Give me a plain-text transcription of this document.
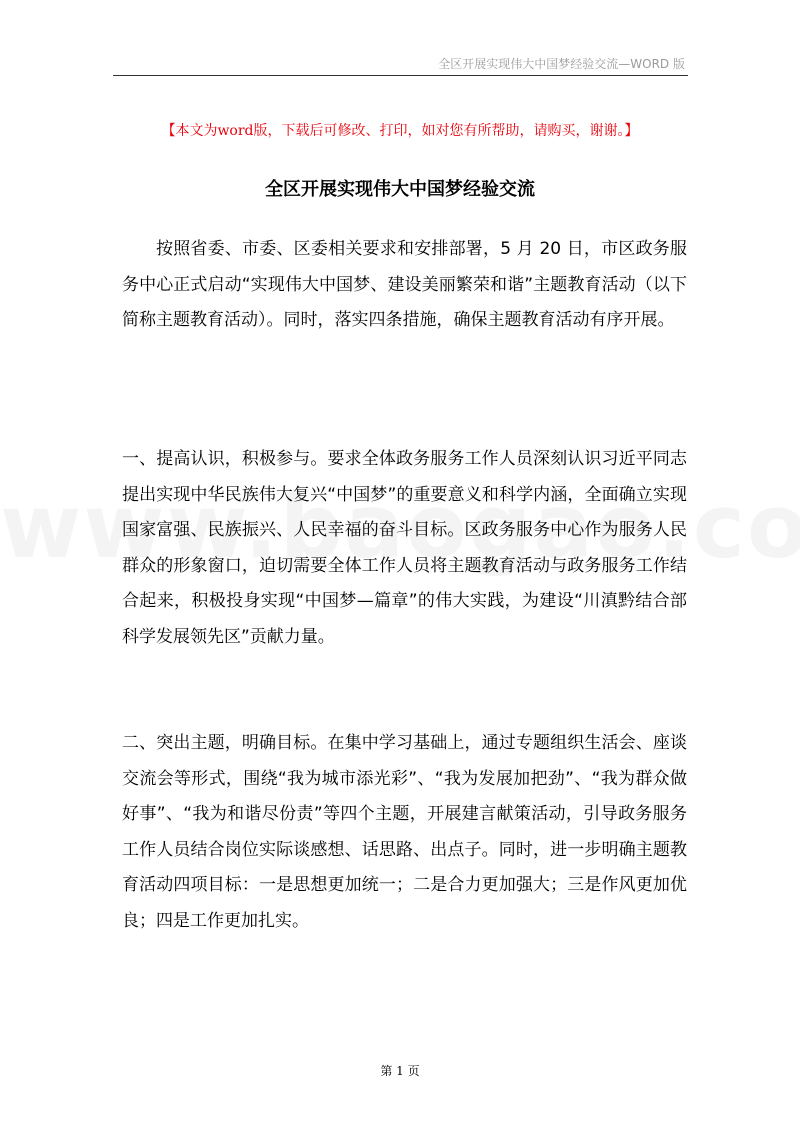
全区开展实现伟大中国梦经验交流—WORD 版
【本文为word版，下载后可修改、打印，如对您有所帮助，请购买，谢谢。】
全区开展实现伟大中国梦经验交流

按照省委、市委、区委相关要求和安排部署，5 月 20 日，市区政务服务中心正式启动“实现伟大中国梦、建设美丽繁荣和谐”主题教育活动（以下简称主题教育活动）。同时，落实四条措施，确保主题教育活动有序开展。

一、提高认识，积极参与。要求全体政务服务工作人员深刻认识习近平同志提出实现中华民族伟大复兴“中国梦”的重要意义和科学内涵，全面确立实现国家富强、民族振兴、人民幸福的奋斗目标。区政务服务中心作为服务人民群众的形象窗口，迫切需要全体工作人员将主题教育活动与政务服务工作结合起来，积极投身实现“中国梦—篇章”的伟大实践，为建设“川滇黔结合部科学发展领先区”贡献力量。

二、突出主题，明确目标。在集中学习基础上，通过专题组织生活会、座谈交流会等形式，围绕“我为城市添光彩”、“我为发展加把劲”、“我为群众做好事”、“我为和谐尽份责”等四个主题，开展建言献策活动，引导政务服务工作人员结合岗位实际谈感想、话思路、出点子。同时，进一步明确主题教育活动四项目标：一是思想更加统一；二是合力更加强大；三是作风更加优良；四是工作更加扎实。

第 1 页
